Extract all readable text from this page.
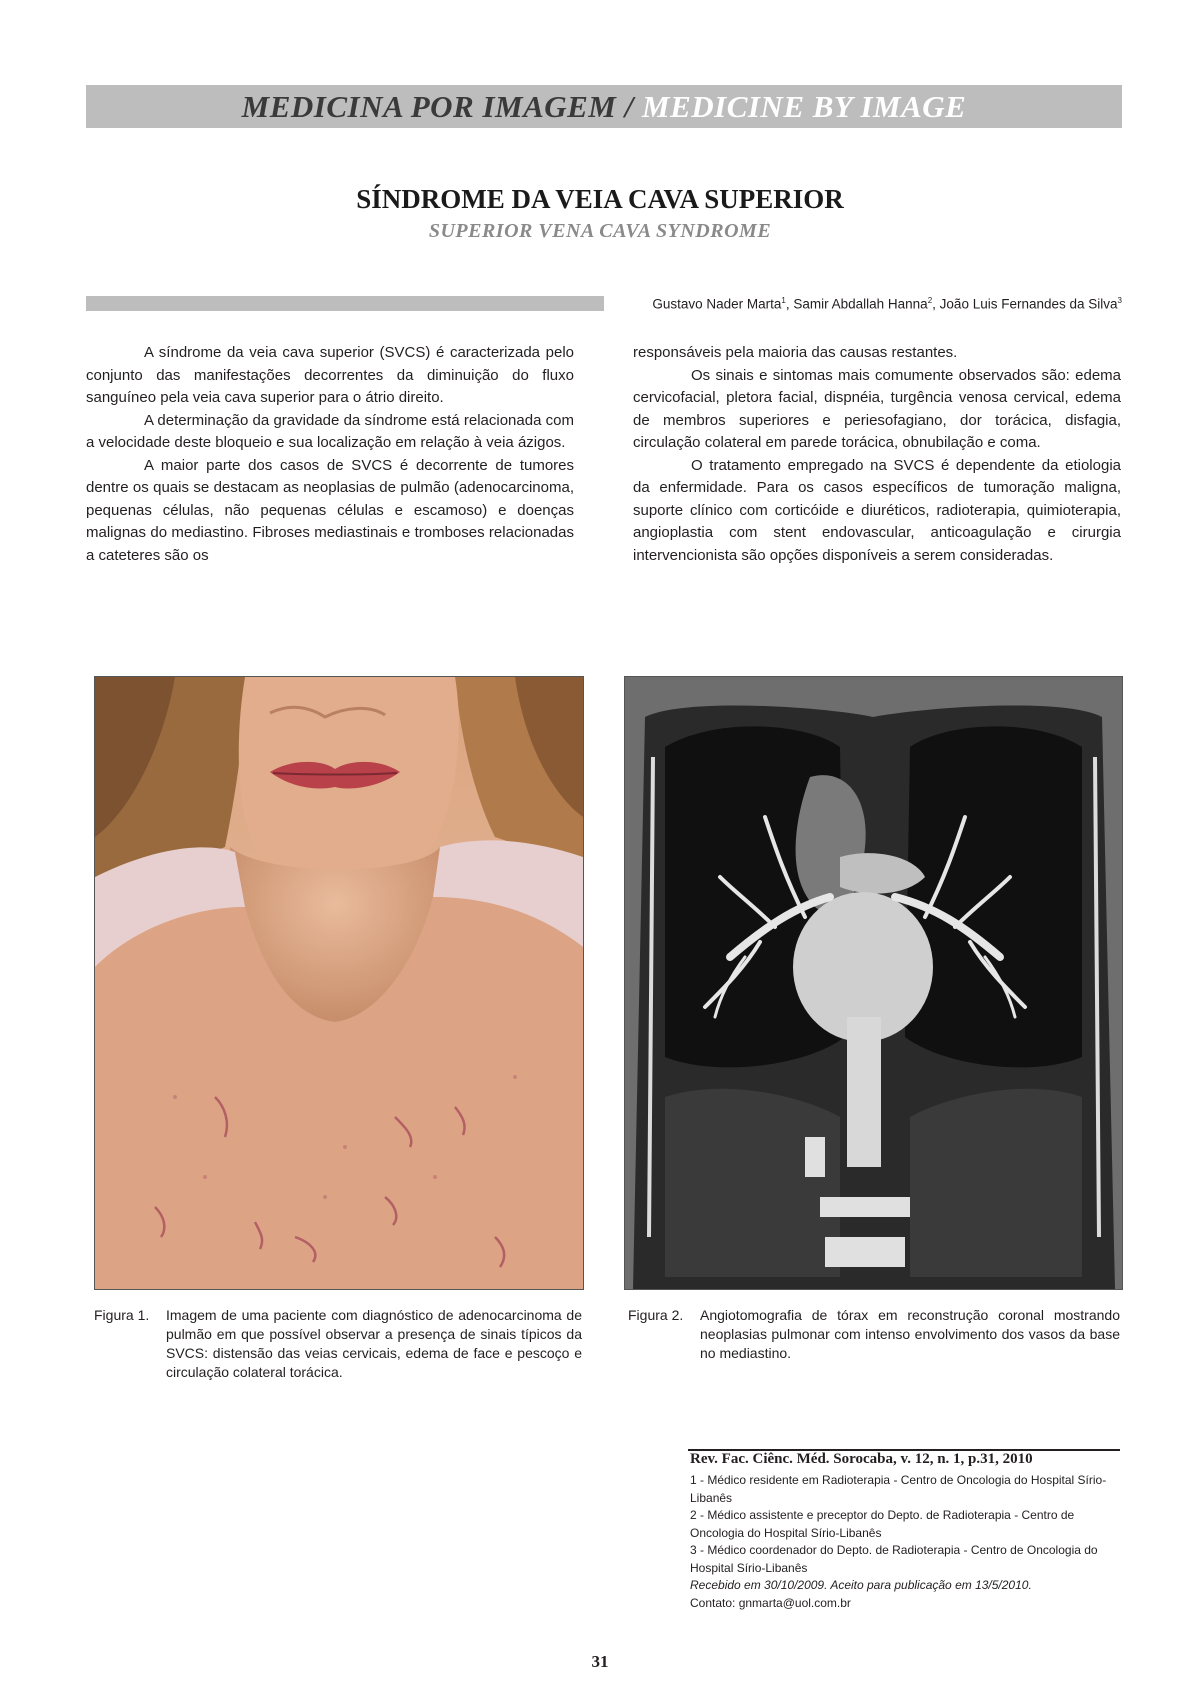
MEDICINA POR IMAGEM / MEDICINE BY IMAGE
SÍNDROME DA VEIA CAVA SUPERIOR
SUPERIOR VENA CAVA SYNDROME
Gustavo Nader Marta$^1$, Samir Abdallah Hanna$^2$, João Luis Fernandes da Silva$^3$

A síndrome da veia cava superior (SVCS) é caracterizada pelo conjunto das manifestações decorrentes da diminuição do fluxo sanguíneo pela veia cava superior para o átrio direito.

A determinação da gravidade da síndrome está relacionada com a velocidade deste bloqueio e sua localização em relação à veia ázigos.

A maior parte dos casos de SVCS é decorrente de tumores dentre os quais se destacam as neoplasias de pulmão (adenocarcinoma, pequenas células, não pequenas células e escamoso) e doenças malignas do mediastino. Fibroses mediastinais e tromboses relacionadas a cateteres são os

responsáveis pela maioria das causas restantes.

Os sinais e sintomas mais comumente observados são: edema cervicofacial, pletora facial, dispnéia, turgência venosa cervical, edema de membros superiores e periesofagiano, dor torácica, disfagia, circulação colateral em parede torácica, obnubilação e coma.

O tratamento empregado na SVCS é dependente da etiologia da enfermidade. Para os casos específicos de tumoração maligna, suporte clínico com corticóide e diuréticos, radioterapia, quimioterapia, angioplastia com stent endovascular, anticoagulação e cirurgia intervencionista são opções disponíveis a serem consideradas.

Figura 1. Imagem de uma paciente com diagnóstico de adenocarcinoma de pulmão em que possível observar a presença de sinais típicos da SVCS: distensão das veias cervicais, edema de face e pescoço e circulação colateral torácica.
Figura 2. Angiotomografia de tórax em reconstrução coronal mostrando neoplasias pulmonar com intenso envolvimento dos vasos da base no mediastino.
Rev. Fac. Ciênc. Méd. Sorocaba, v. 12, n. 1, p.31, 2010
1 - Médico residente em Radioterapia - Centro de Oncologia do Hospital Sírio-Libanês
2 - Médico assistente e preceptor do Depto. de Radioterapia - Centro de Oncologia do Hospital Sírio-Libanês
3 - Médico coordenador do Depto. de Radioterapia - Centro de Oncologia do Hospital Sírio-Libanês
Recebido em 30/10/2009. Aceito para publicação em 13/5/2010.
Contato: gnmarta@uol.com.br
31
